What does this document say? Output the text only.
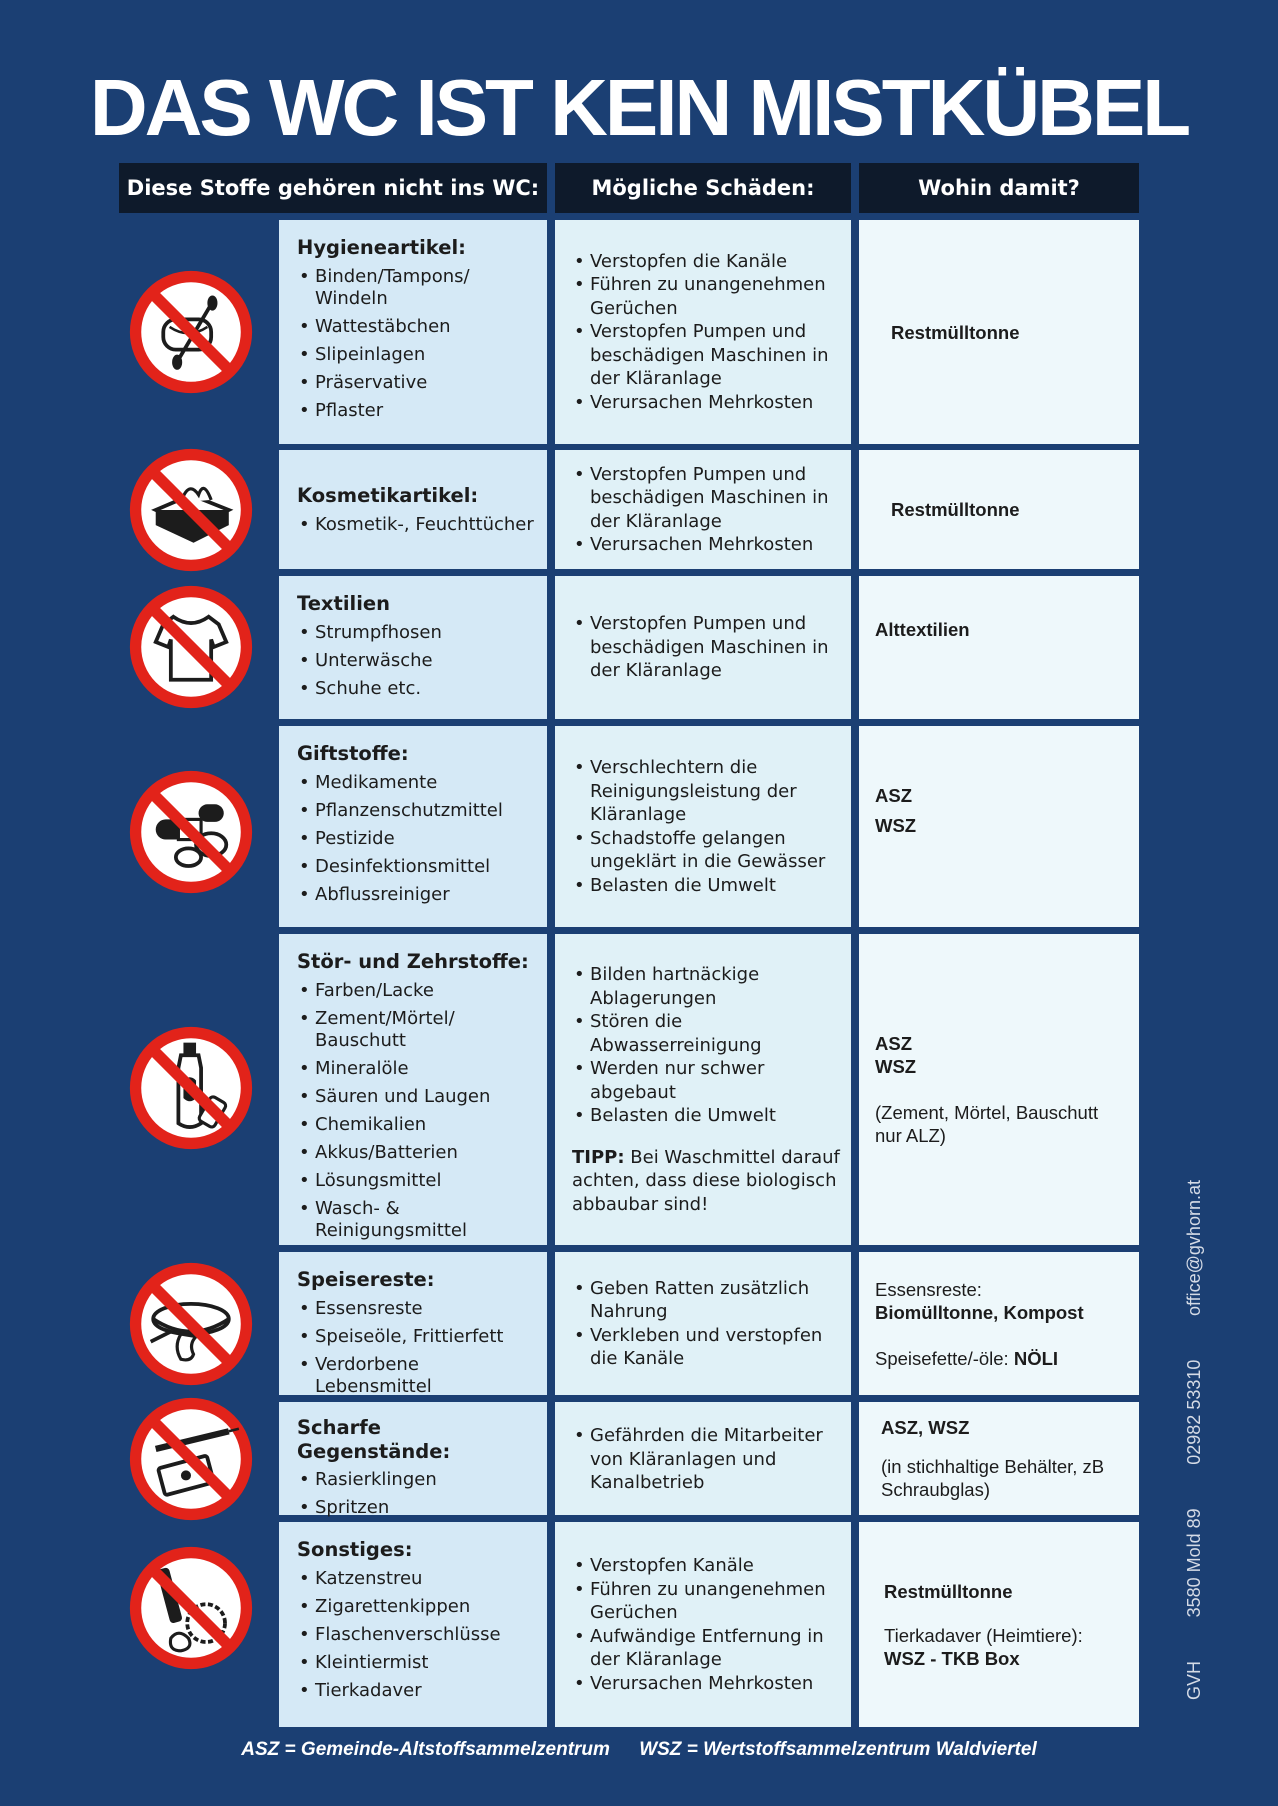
DAS WC IST KEIN MISTKÜBEL
Diese Stoffe gehören nicht ins WC:	Mögliche Schäden:	Wohin damit?
Hygieneartikel:
• Binden/Tampons/ Windeln
• Wattestäbchen
• Slipeinlagen
• Präservative
• Pflaster
• Verstopfen die Kanäle
• Führen zu unangenehmen Gerüchen
• Verstopfen Pumpen und beschädigen Maschinen in der Kläranlage
• Verursachen Mehrkosten
Restmülltonne
Kosmetikartikel:
• Kosmetik-, Feuchttücher
• Verstopfen Pumpen und beschädigen Maschinen in der Kläranlage
• Verursachen Mehrkosten
Restmülltonne
Textilien
• Strumpfhosen
• Unterwäsche
• Schuhe etc.
• Verstopfen Pumpen und beschädigen Maschinen in der Kläranlage
Alttextilien
Giftstoffe:
• Medikamente
• Pflanzenschutzmittel
• Pestizide
• Desinfektionsmittel
• Abflussreiniger
• Verschlechtern die Reinigungsleistung der Kläranlage
• Schadstoffe gelangen ungeklärt in die Gewässer
• Belasten die Umwelt
ASZ
WSZ
Stör- und Zehrstoffe:
• Farben/Lacke
• Zement/Mörtel/ Bauschutt
• Mineralöle
• Säuren und Laugen
• Chemikalien
• Akkus/Batterien
• Lösungsmittel
• Wasch- & Reinigungsmittel
• Bilden hartnäckige Ablagerungen
• Stören die Abwasserreinigung
• Werden nur schwer abgebaut
• Belasten die Umwelt
TIPP: Bei Waschmittel darauf achten, dass diese biologisch abbaubar sind!
ASZ
WSZ
(Zement, Mörtel, Bauschutt nur ALZ)
Speisereste:
• Essensreste
• Speiseöle, Frittierfett
• Verdorbene Lebensmittel
• Geben Ratten zusätzlich Nahrung
• Verkleben und verstopfen die Kanäle
Essensreste:
Biomülltonne, Kompost
Speisefette/-öle: NÖLI
Scharfe Gegenstände:
• Rasierklingen
• Spritzen
• Gefährden die Mitarbeiter von Kläranlagen und Kanalbetrieb
ASZ, WSZ
(in stichhaltige Behälter, zB Schraubglas)
Sonstiges:
• Katzenstreu
• Zigarettenkippen
• Flaschenverschlüsse
• Kleintiermist
• Tierkadaver
• Verstopfen Kanäle
• Führen zu unangenehmen Gerüchen
• Aufwändige Entfernung in der Kläranlage
• Verursachen Mehrkosten
Restmülltonne
Tierkadaver (Heimtiere):
WSZ - TKB Box
ASZ = Gemeinde-Altstoffsammelzentrum WSZ = Wertstoffsammelzentrum Waldviertel
GVH
3580 Mold 89
02982 53310
office@gvhorn.at
